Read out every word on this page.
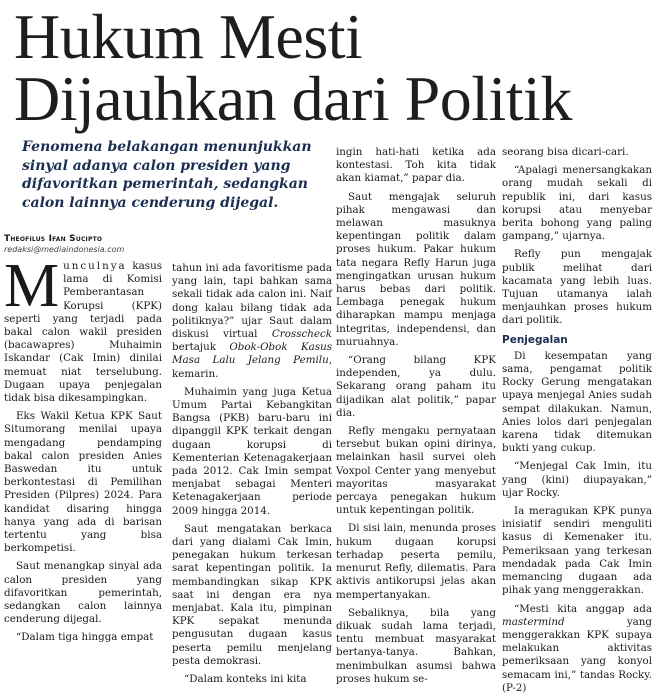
Hukum Mesti
Dijauhkan dari Politik

Fenomena belakangan menunjukkan sinyal adanya calon presiden yang difavoritkan pemerintah, sedangkan calon lainnya cenderung dijegal.

Theofilus Ifan Sucipto
redaksi@mediaindonesia.com

Munculnya kasus lama di Komisi Pemberantasan Korupsi (KPK) seperti yang terjadi pada bakal calon wakil presiden (bacawapres) Muhaimin Iskandar (Cak Imin) dinilai memuat niat terselubung. Dugaan upaya penjegalan tidak bisa dikesampingkan.

Eks Wakil Ketua KPK Saut Situmorang menilai upaya mengadang pendamping bakal calon presiden Anies Baswedan itu untuk berkontestasi di Pemilihan Presiden (Pilpres) 2024. Para kandidat disaring hingga hanya yang ada di barisan tertentu yang bisa berkompetisi.

Saut menangkap sinyal ada calon presiden yang difavoritkan pemerintah, sedangkan calon lainnya cenderung dijegal.

“Dalam tiga hingga empat

tahun ini ada favoritisme pada yang lain, tapi bahkan sama sekali tidak ada calon ini. Naif dong kalau bilang tidak ada politiknya?” ujar Saut dalam diskusi virtual Crosscheck bertajuk Obok-Obok Kasus Masa Lalu Jelang Pemilu, kemarin.

Muhaimin yang juga Ketua Umum Partai Kebangkitan Bangsa (PKB) baru-baru ini dipanggil KPK terkait dengan dugaan korupsi di Kementerian Ketenagakerjaan pada 2012. Cak Imin sempat menjabat sebagai Menteri Ketenagakerjaan periode 2009 hingga 2014.

Saut mengatakan berkaca dari yang dialami Cak Imin, penegakan hukum terkesan sarat kepentingan politik. Ia membandingkan sikap KPK saat ini dengan era nya menjabat. Kala itu, pimpinan KPK sepakat menunda pengusutan dugaan kasus peserta pemilu menjelang pesta demokrasi.

“Dalam konteks ini kita

ingin hati-hati ketika ada kontestasi. Toh kita tidak akan kiamat,” papar dia.

Saut mengajak seluruh pihak mengawasi dan melawan masuknya kepentingan politik dalam proses hukum. Pakar hukum tata negara Refly Harun juga mengingatkan urusan hukum harus bebas dari politik. Lembaga penegak hukum diharapkan mampu menjaga integritas, independensi, dan muruahnya.

“Orang bilang KPK independen, ya dulu. Sekarang orang paham itu dijadikan alat politik,” papar dia.

Refly mengaku pernyataan tersebut bukan opini dirinya, melainkan hasil survei oleh Voxpol Center yang menyebut mayoritas masyarakat percaya penegakan hukum untuk kepentingan politik.

Di sisi lain, menunda proses hukum dugaan korupsi terhadap peserta pemilu, menurut Refly, dilematis. Para aktivis antikorupsi jelas akan mempertanyakan.

Sebaliknya, bila yang dikuak sudah lama terjadi, tentu membuat masyarakat bertanya-tanya. Bahkan, menimbulkan asumsi bahwa proses hukum se-

seorang bisa dicari-cari.

“Apalagi menersangkakan orang mudah sekali di republik ini, dari kasus korupsi atau menyebar berita bohong yang paling gampang,” ujarnya.

Refly pun mengajak publik melihat dari kacamata yang lebih luas. Tujuan utamanya ialah menjauhkan proses hukum dari politik.

Penjegalan

Di kesempatan yang sama, pengamat politik Rocky Gerung mengatakan upaya menjegal Anies sudah sempat dilakukan. Namun, Anies lolos dari penjegalan karena tidak ditemukan bukti yang cukup.

“Menjegal Cak Imin, itu yang (kini) diupayakan,” ujar Rocky.

Ia meragukan KPK punya inisiatif sendiri menguliti kasus di Kemenaker itu. Pemeriksaan yang terkesan mendadak pada Cak Imin memancing dugaan ada pihak yang menggerakkan.

“Mesti kita anggap ada mastermind yang menggerakkan KPK supaya melakukan aktivitas pemeriksaan yang konyol semacam ini,” tandas Rocky. (P-2)
